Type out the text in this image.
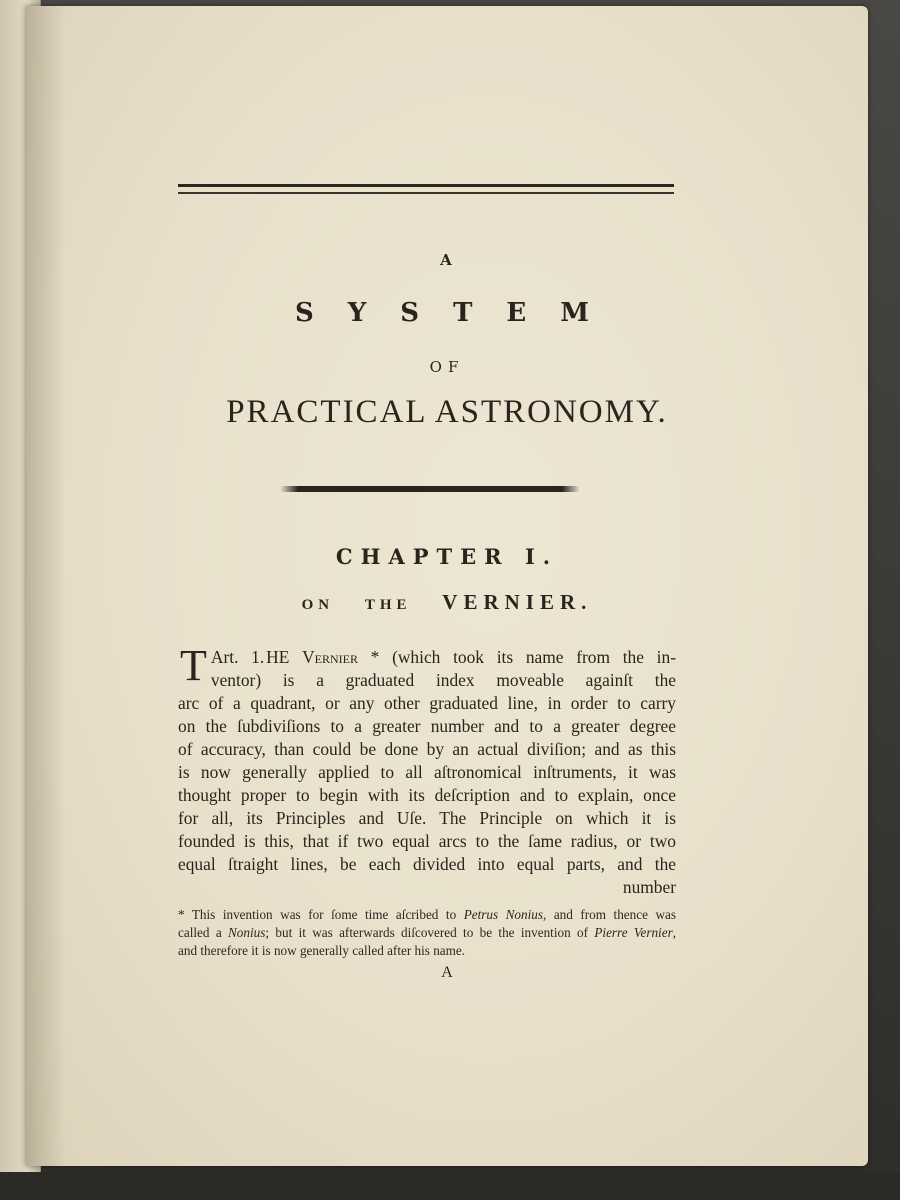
A
SYSTEM
OF
PRACTICAL ASTRONOMY.
CHAPTER I.
ON THE VERNIER.
Art. 1.
T	HE Vernier * (which took its name from the in-
ventor) is a graduated index moveable againſt the
arc of a quadrant, or any other graduated line, in order to carry
on the ſubdiviſions to a greater number and to a greater degree
of accuracy, than could be done by an actual diviſion; and as this
is now generally applied to all aſtronomical inſtruments, it was
thought proper to begin with its deſcription and to explain, once
for all, its Principles and Uſe. The Principle on which it is
founded is this, that if two equal arcs to the ſame radius, or two
equal ſtraight lines, be each divided into equal parts, and the
number
* This invention was for ſome time aſcribed to Petrus Nonius, and from thence was
called a Nonius; but it was afterwards diſcovered to be the invention of Pierre Vernier,
and therefore it is now generally called after his name.
A
